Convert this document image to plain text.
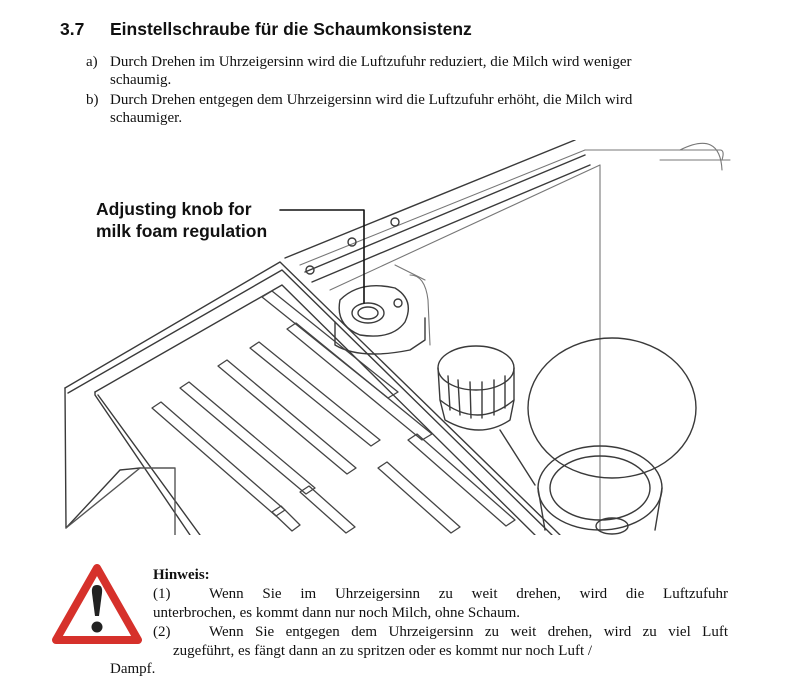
3.7 Einstellschraube für die Schaumkonsistenz
a) Durch Drehen im Uhrzeigersinn wird die Luftzufuhr reduziert, die Milch wird weniger
schaumig.
b) Durch Drehen entgegen dem Uhrzeigersinn wird die Luftzufuhr erhöht, die Milch wird
schaumiger.
Adjusting knob for
milk foam regulation
Hinweis:
(1)	Wenn Sie im Uhrzeigersinn zu weit drehen, wird die Luftzufuhr
unterbrochen, es kommt dann nur noch Milch, ohne Schaum.
(2)	Wenn Sie entgegen dem Uhrzeigersinn zu weit drehen, wird zu viel Luft
zugeführt, es fängt dann an zu spritzen oder es kommt nur noch Luft /
Dampf.
